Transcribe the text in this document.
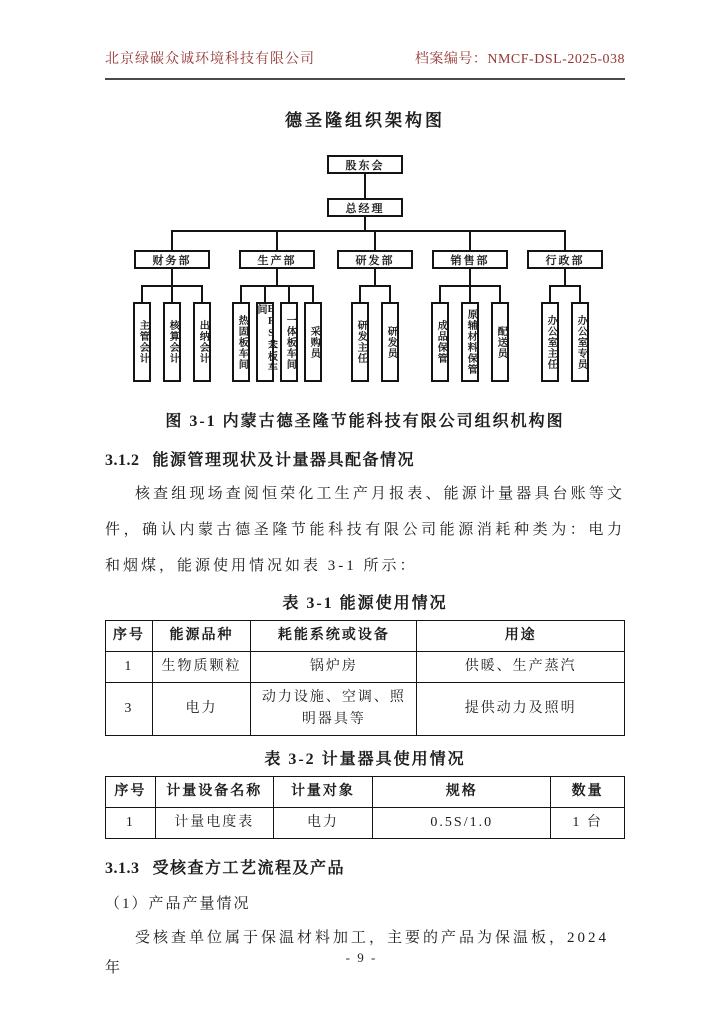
北京绿碳众诚环境科技有限公司	档案编号：NMCF-DSL-2025-038
德圣隆组织架构图
股东会
总经理
财务部
主管会计	核算会计	出纳会计
生产部
热固板车间	EPS苯板车间
一体板车间	采购员
研发部
研发主任	研发员
销售部
成品保管	原辅材料保管	配送员
行政部
办公室主任	办公室专员
图 3-1 内蒙古德圣隆节能科技有限公司组织机构图
3.1.2 能源管理现状及计量器具配备情况

核查组现场查阅恒荣化工生产月报表、能源计量器具台账等文件，确认内蒙古德圣隆节能科技有限公司能源消耗种类为：电力和烟煤，能源使用情况如表 3-1 所示：

表 3-1 能源使用情况
序号	能源品种	耗能系统或设备	用途
1	生物质颗粒	锅炉房	供暖、生产蒸汽
3	电力	动力设施、空调、照明器具等	提供动力及照明
表 3-2 计量器具使用情况
序号	计量设备名称	计量对象	规格	数量
1	计量电度表	电力	0.5S/1.0	1 台
3.1.3 受核查方工艺流程及产品
（1）产品产量情况

受核查单位属于保温材料加工，主要的产品为保温板，2024 年

- 9 -
